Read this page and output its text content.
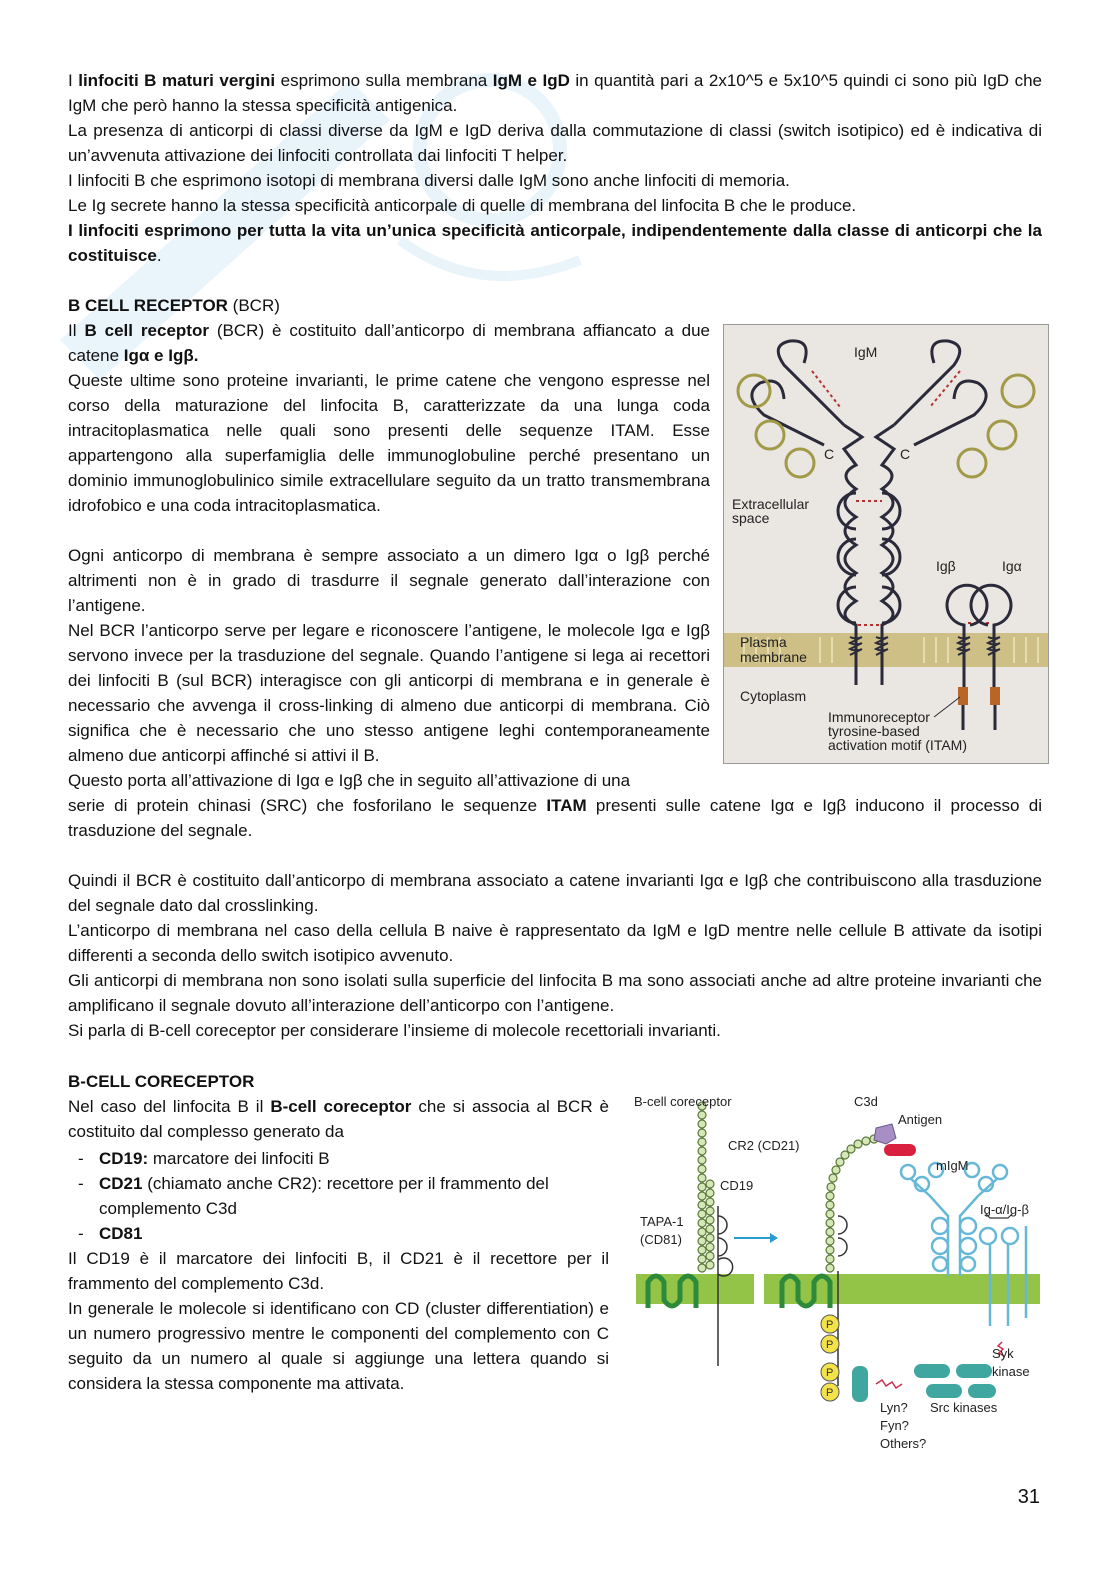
I linfociti B maturi vergini esprimono sulla membrana IgM e IgD in quantità pari a 2x10^5 e 5x10^5 quindi ci sono più IgD che IgM che però hanno la stessa specificità antigenica.

La presenza di anticorpi di classi diverse da IgM e IgD deriva dalla commutazione di classi (switch isotipico) ed è indicativa di un’avvenuta attivazione dei linfociti controllata dai linfociti T helper.

I linfociti B che esprimono isotopi di membrana diversi dalle IgM sono anche linfociti di memoria.

Le Ig secrete hanno la stessa specificità anticorpale di quelle di membrana del linfocita B che le produce.

I linfociti esprimono per tutta la vita un’unica specificità anticorpale, indipendentemente dalla classe di anticorpi che la costituisce.

B CELL RECEPTOR (BCR)

Il B cell receptor (BCR) è costituito dall’anticorpo di membrana affiancato a due catene Igα e Igβ.

Queste ultime sono proteine invarianti, le prime catene che vengono espresse nel corso della maturazione del linfocita B, caratterizzate da una lunga coda intracitoplasmatica nelle quali sono presenti delle sequenze ITAM. Esse appartengono alla superfamiglia delle immunoglobuline perché presentano un dominio immunoglobulinico simile extracellulare seguito da un tratto transmembrana idrofobico e una coda intracitoplasmatica.

Ogni anticorpo di membrana è sempre associato a un dimero Igα o Igβ perché altrimenti non è in grado di trasdurre il segnale generato dall’interazione con l’antigene.

Nel BCR l’anticorpo serve per legare e riconoscere l’antigene, le molecole Igα e Igβ servono invece per la trasduzione del segnale. Quando l’antigene si lega ai recettori dei linfociti B (sul BCR) interagisce con gli anticorpi di membrana e in generale è necessario che avvenga il cross-linking di almeno due anticorpi di membrana. Ciò significa che è necessario che uno stesso antigene leghi contemporaneamente almeno due anticorpi affinché si attivi il B.

Questo porta all’attivazione di Igα e Igβ che in seguito all’attivazione di una

serie di protein chinasi (SRC) che fosforilano le sequenze ITAM presenti sulle catene Igα e Igβ inducono il processo di trasduzione del segnale.

Quindi il BCR è costituito dall’anticorpo di membrana associato a catene invarianti Igα e Igβ che contribuiscono alla trasduzione del segnale dato dal crosslinking.

L’anticorpo di membrana nel caso della cellula B naive è rappresentato da IgM e IgD mentre nelle cellule B attivate da isotipi differenti a seconda dello switch isotipico avvenuto.

Gli anticorpi di membrana non sono isolati sulla superficie del linfocita B ma sono associati anche ad altre proteine invarianti che amplificano il segnale dovuto all’interazione dell’anticorpo con l’antigene.

Si parla di B-cell coreceptor per considerare l’insieme di molecole recettoriali invarianti.

B-CELL CORECEPTOR

Nel caso del linfocita B il B-cell coreceptor che si associa al BCR è costituito dal complesso generato da

- CD19: marcatore dei linfociti B
- CD21 (chiamato anche CR2): recettore per il frammento del complemento C3d
- CD81

Il CD19 è il marcatore dei linfociti B, il CD21 è il recettore per il frammento del complemento C3d.

In generale le molecole si identificano con CD (cluster differentiation) e un numero progressivo mentre le componenti del complemento con C seguito da un numero al quale si aggiunge una lettera quando si considera la stessa componente ma attivata.

IgM
C	C
Extracellular
space
Igβ	Igα
Plasma
membrane
Cytoplasm
Immunoreceptor
tyrosine-based
activation motif (ITAM)
P
P
P
P
B-cell coreceptor
CR2 (CD21)
CD19
TAPA-1
(CD81)
C3d
Antigen
mIgM
Ig-α/Ig-β
Syk
kinase
Src kinases
Lyn?
Fyn?
Others?
31
